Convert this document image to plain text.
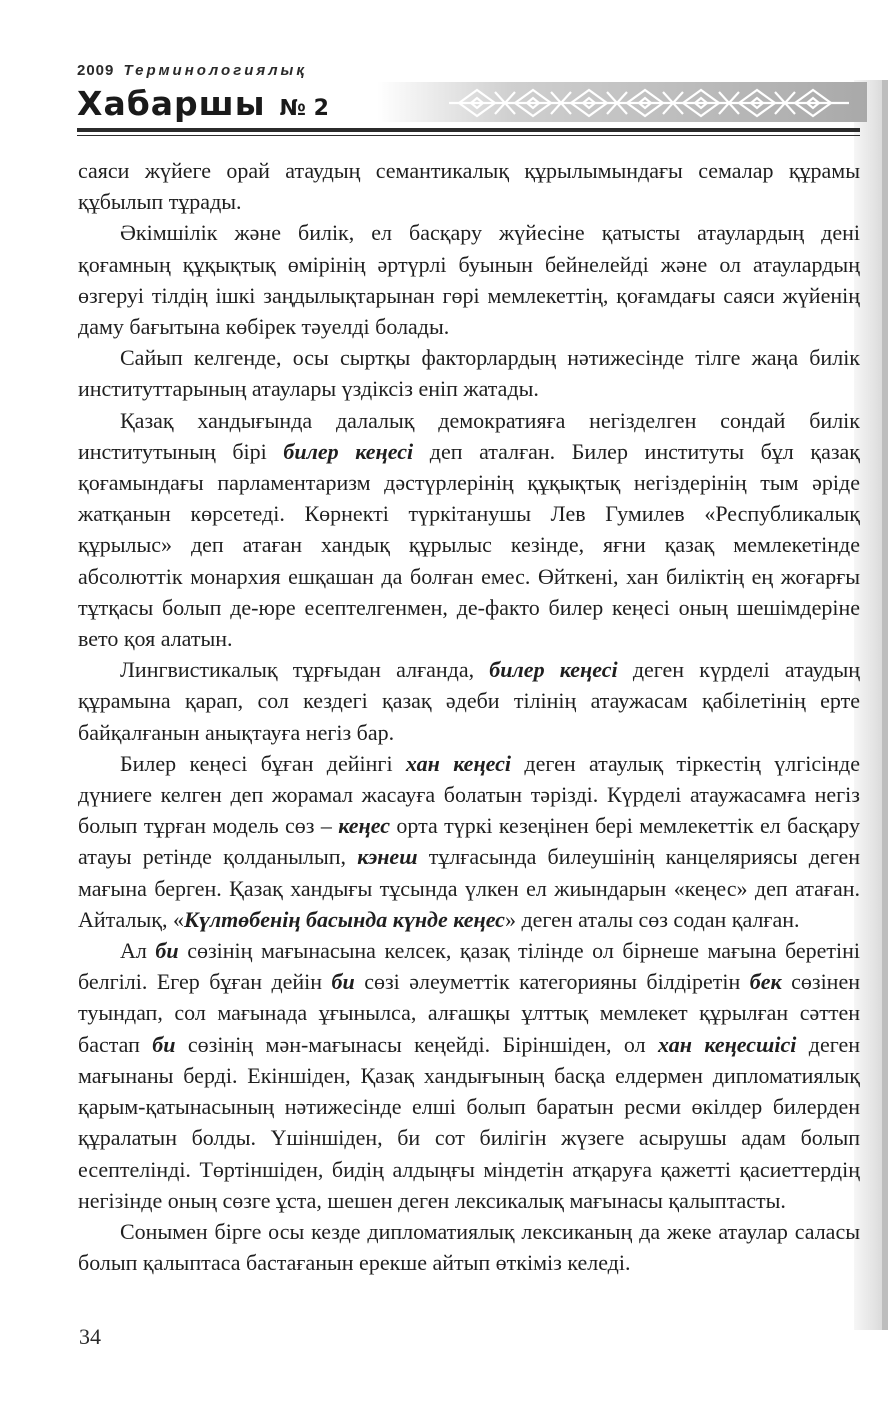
2009 Терминологиялық
Хабаршы № 2

саяси жүйеге орай атаудың семантикалық құрылымындағы семалар құрамы құбылып тұрады.

Әкімшілік және билік, ел басқару жүйесіне қатысты атаулардың дені қоғамның құқықтық өмірінің әртүрлі буынын бейнелейді және ол атаулардың өзгеруі тілдің ішкі заңдылықтарынан гөрі мемлекеттің, қоғамдағы саяси жүйенің даму бағытына көбірек тәуелді болады.

Сайып келгенде, осы сыртқы факторлардың нәтижесінде тілге жаңа билік институттарының атаулары үздіксіз еніп жатады.

Қазақ хандығында далалық демократияға негізделген сондай билік институтының бірі билер кеңесі деп аталған. Билер институты бұл қазақ қоғамындағы парламентаризм дәстүрлерінің құқықтық негіздерінің тым әріде жатқанын көрсетеді. Көрнекті түркітанушы Лев Гумилев «Республикалық құрылыс» деп атаған хандық құрылыс кезінде, яғни қазақ мемлекетінде абсолюттік монархия ешқашан да болған емес. Өйткені, хан биліктің ең жоғарғы тұтқасы болып де-юре есептелгенмен, де-факто билер кеңесі оның шешімдеріне вето қоя алатын.

Лингвистикалық тұрғыдан алғанда, билер кеңесі деген күрделі атаудың құрамына қарап, сол кездегі қазақ әдеби тілінің атаужасам қабілетінің ерте байқалғанын анықтауға негіз бар.

Билер кеңесі бұған дейінгі хан кеңесі деген атаулық тіркестің үлгісінде дүниеге келген деп жорамал жасауға болатын тәрізді. Күрделі атаужасамға негіз болып тұрған модель сөз – кеңес орта түркі кезеңінен бері мемлекеттік ел басқару атауы ретінде қолданылып, кэнеш тұлғасында билеушінің канцеляриясы деген мағына берген. Қазақ хандығы тұсында үлкен ел жиындарын «кеңес» деп атаған. Айталық, «Күлтөбенің басында күнде кеңес» деген аталы сөз содан қалған.

Ал би сөзінің мағынасына келсек, қазақ тілінде ол бірнеше мағына беретіні белгілі. Егер бұған дейін би сөзі әлеуметтік категорияны білдіретін бек сөзінен туындап, сол мағынада ұғынылса, алғашқы ұлттық мемлекет құрылған сәттен бастап би сөзінің мән-мағынасы кеңейді. Біріншіден, ол хан кеңесшісі деген мағынаны берді. Екіншіден, Қазақ хандығының басқа елдермен дипломатиялық қарым-қатынасының нәтижесінде елші болып баратын ресми өкілдер билерден құралатын болды. Үшіншіден, би сот билігін жүзеге асырушы адам болып есептелінді. Төртіншіден, бидің алдыңғы міндетін атқаруға қажетті қасиеттердің негізінде оның сөзге ұста, шешен деген лексикалық мағынасы қалыптасты.

Сонымен бірге осы кезде дипломатиялық лексиканың да жеке атаулар саласы болып қалыптаса бастағанын ерекше айтып өткіміз келеді.

34
